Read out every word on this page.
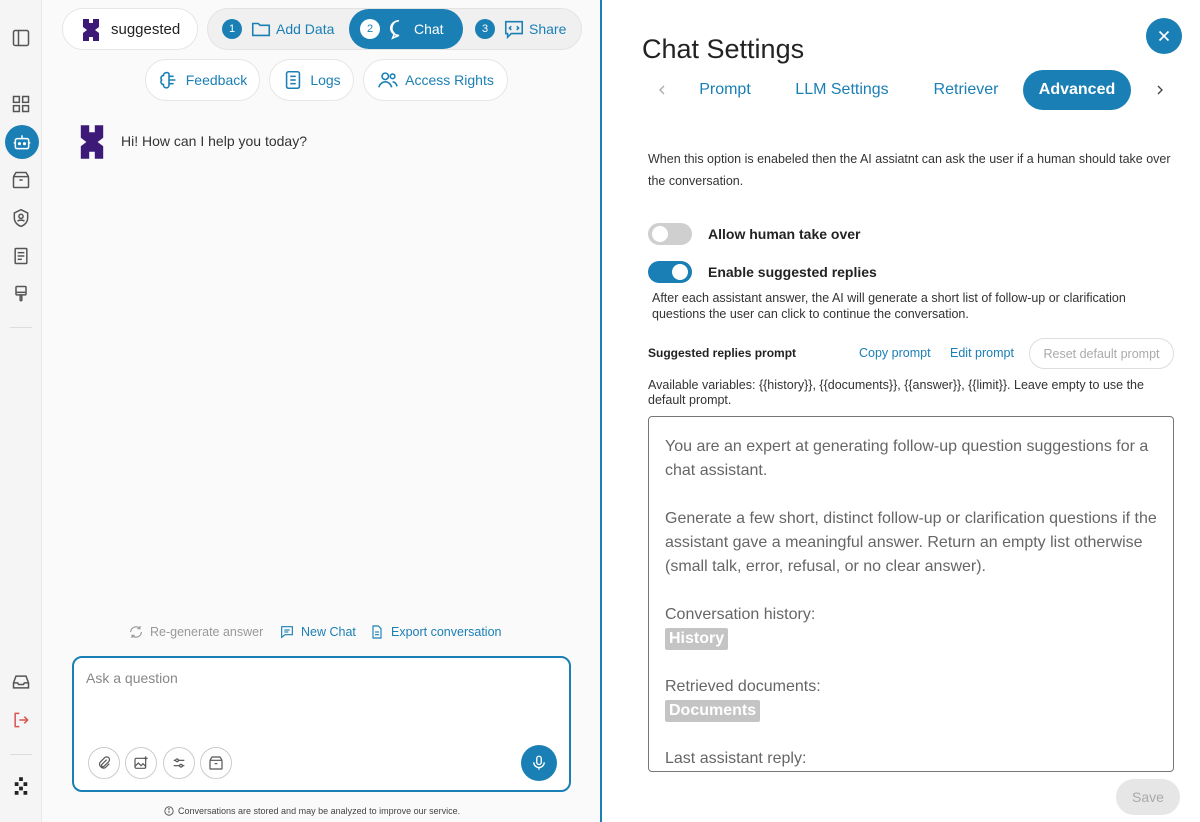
suggested	1	Add Data	2	Chat	3	Share
Feedback	Logs	Access Rights
Hi! How can I help you today?
Re-generate answer	New Chat	Export conversation
Ask a question
Conversations are stored and may be analyzed to improve our service.
Chat Settings
Prompt	LLM Settings	Retriever	Advanced
When this option is enabeled then the AI assiatnt can ask the user if a human should take over the conversation.
Allow human take over
Enable suggested replies
After each assistant answer, the AI will generate a short list of follow-up or clarification questions the user can click to continue the conversation.
Suggested replies prompt	Copy prompt Edit prompt	Reset default prompt
Available variables: {{history}}, {{documents}}, {{answer}}, {{limit}}. Leave empty to use the default prompt.

You are an expert at generating follow-up question suggestions for a chat assistant.

Generate a few short, distinct follow-up or clarification questions if the assistant gave a meaningful answer. Return an empty list otherwise (small talk, error, refusal, or no clear answer).

Conversation history:
History

Retrieved documents:
Documents

Last assistant reply:

Save
